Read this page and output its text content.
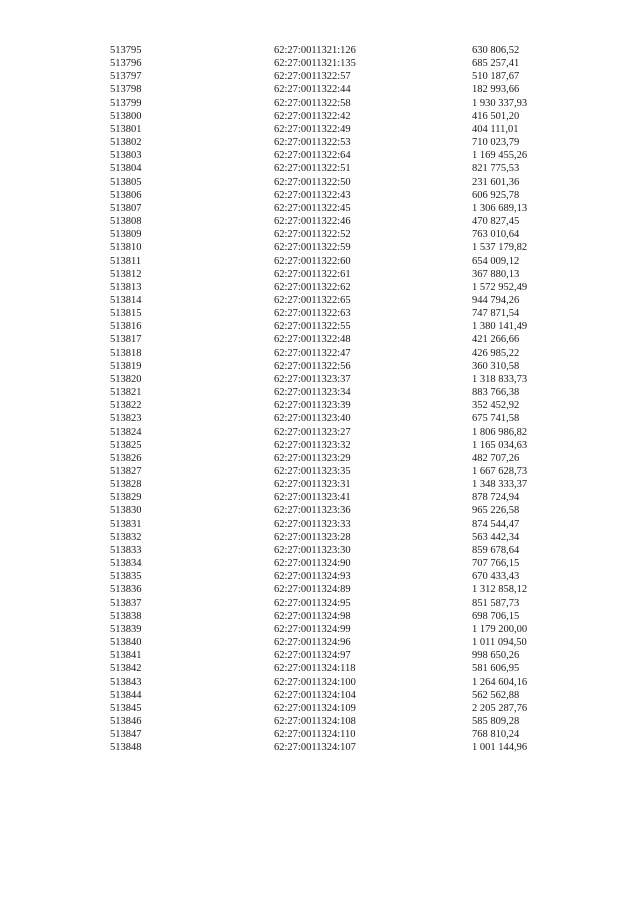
513795	62:27:0011321:126	630 806,52
513796	62:27:0011321:135	685 257,41
513797	62:27:0011322:57	510 187,67
513798	62:27:0011322:44	182 993,66
513799	62:27:0011322:58	1 930 337,93
513800	62:27:0011322:42	416 501,20
513801	62:27:0011322:49	404 111,01
513802	62:27:0011322:53	710 023,79
513803	62:27:0011322:64	1 169 455,26
513804	62:27:0011322:51	821 775,53
513805	62:27:0011322:50	231 601,36
513806	62:27:0011322:43	606 925,78
513807	62:27:0011322:45	1 306 689,13
513808	62:27:0011322:46	470 827,45
513809	62:27:0011322:52	763 010,64
513810	62:27:0011322:59	1 537 179,82
513811	62:27:0011322:60	654 009,12
513812	62:27:0011322:61	367 880,13
513813	62:27:0011322:62	1 572 952,49
513814	62:27:0011322:65	944 794,26
513815	62:27:0011322:63	747 871,54
513816	62:27:0011322:55	1 380 141,49
513817	62:27:0011322:48	421 266,66
513818	62:27:0011322:47	426 985,22
513819	62:27:0011322:56	360 310,58
513820	62:27:0011323:37	1 318 833,73
513821	62:27:0011323:34	883 766,38
513822	62:27:0011323:39	352 452,92
513823	62:27:0011323:40	675 741,58
513824	62:27:0011323:27	1 806 986,82
513825	62:27:0011323:32	1 165 034,63
513826	62:27:0011323:29	482 707,26
513827	62:27:0011323:35	1 667 628,73
513828	62:27:0011323:31	1 348 333,37
513829	62:27:0011323:41	878 724,94
513830	62:27:0011323:36	965 226,58
513831	62:27:0011323:33	874 544,47
513832	62:27:0011323:28	563 442,34
513833	62:27:0011323:30	859 678,64
513834	62:27:0011324:90	707 766,15
513835	62:27:0011324:93	670 433,43
513836	62:27:0011324:89	1 312 858,12
513837	62:27:0011324:95	851 587,73
513838	62:27:0011324:98	698 706,15
513839	62:27:0011324:99	1 179 200,00
513840	62:27:0011324:96	1 011 094,50
513841	62:27:0011324:97	998 650,26
513842	62:27:0011324:118	581 606,95
513843	62:27:0011324:100	1 264 604,16
513844	62:27:0011324:104	562 562,88
513845	62:27:0011324:109	2 205 287,76
513846	62:27:0011324:108	585 809,28
513847	62:27:0011324:110	768 810,24
513848	62:27:0011324:107	1 001 144,96
